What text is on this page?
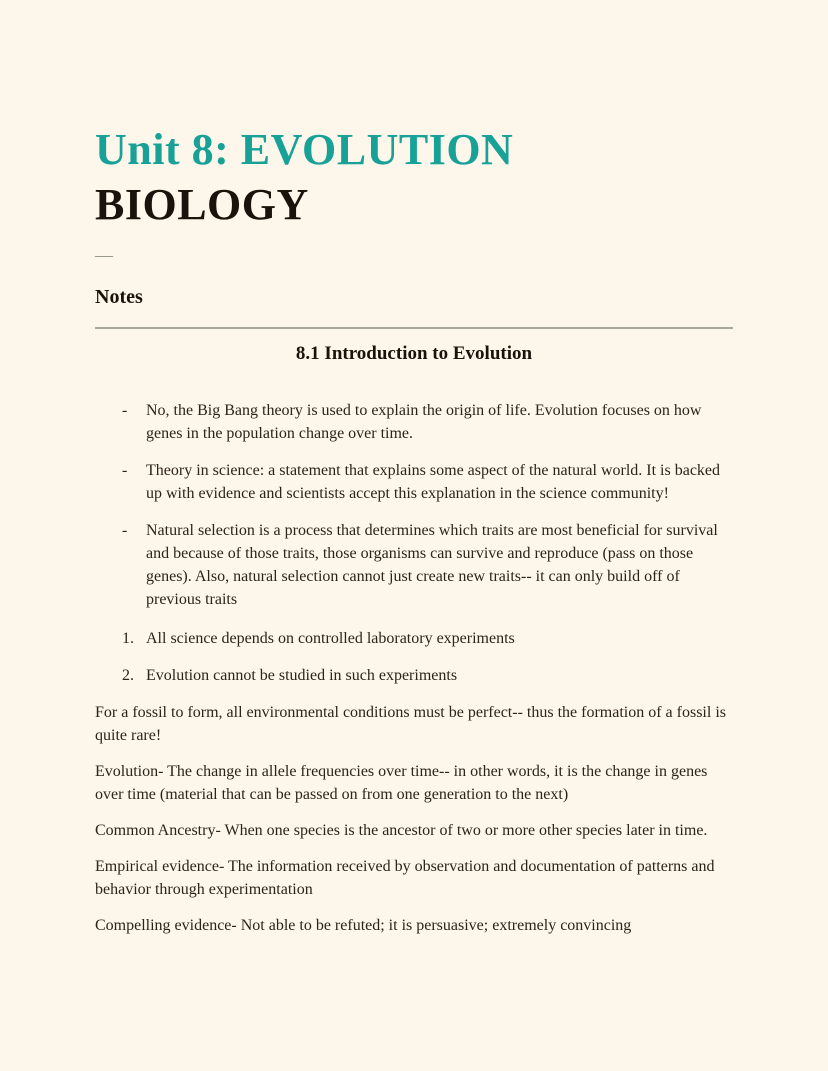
Unit 8: EVOLUTION
BIOLOGY
—
Notes
8.1 Introduction to Evolution
-	No, the Big Bang theory is used to explain the origin of life. Evolution focuses on how genes in the population change over time.
-	Theory in science: a statement that explains some aspect of the natural world. It is backed up with evidence and scientists accept this explanation in the science community!
-	Natural selection is a process that determines which traits are most beneficial for survival and because of those traits, those organisms can survive and reproduce (pass on those genes). Also, natural selection cannot just create new traits-- it can only build off of previous traits
1. All science depends on controlled laboratory experiments
2. Evolution cannot be studied in such experiments

For a fossil to form, all environmental conditions must be perfect-- thus the formation of a fossil is quite rare!

Evolution- The change in allele frequencies over time-- in other words, it is the change in genes over time (material that can be passed on from one generation to the next)

Common Ancestry- When one species is the ancestor of two or more other species later in time.

Empirical evidence- The information received by observation and documentation of patterns and behavior through experimentation

Compelling evidence- Not able to be refuted; it is persuasive; extremely convincing
